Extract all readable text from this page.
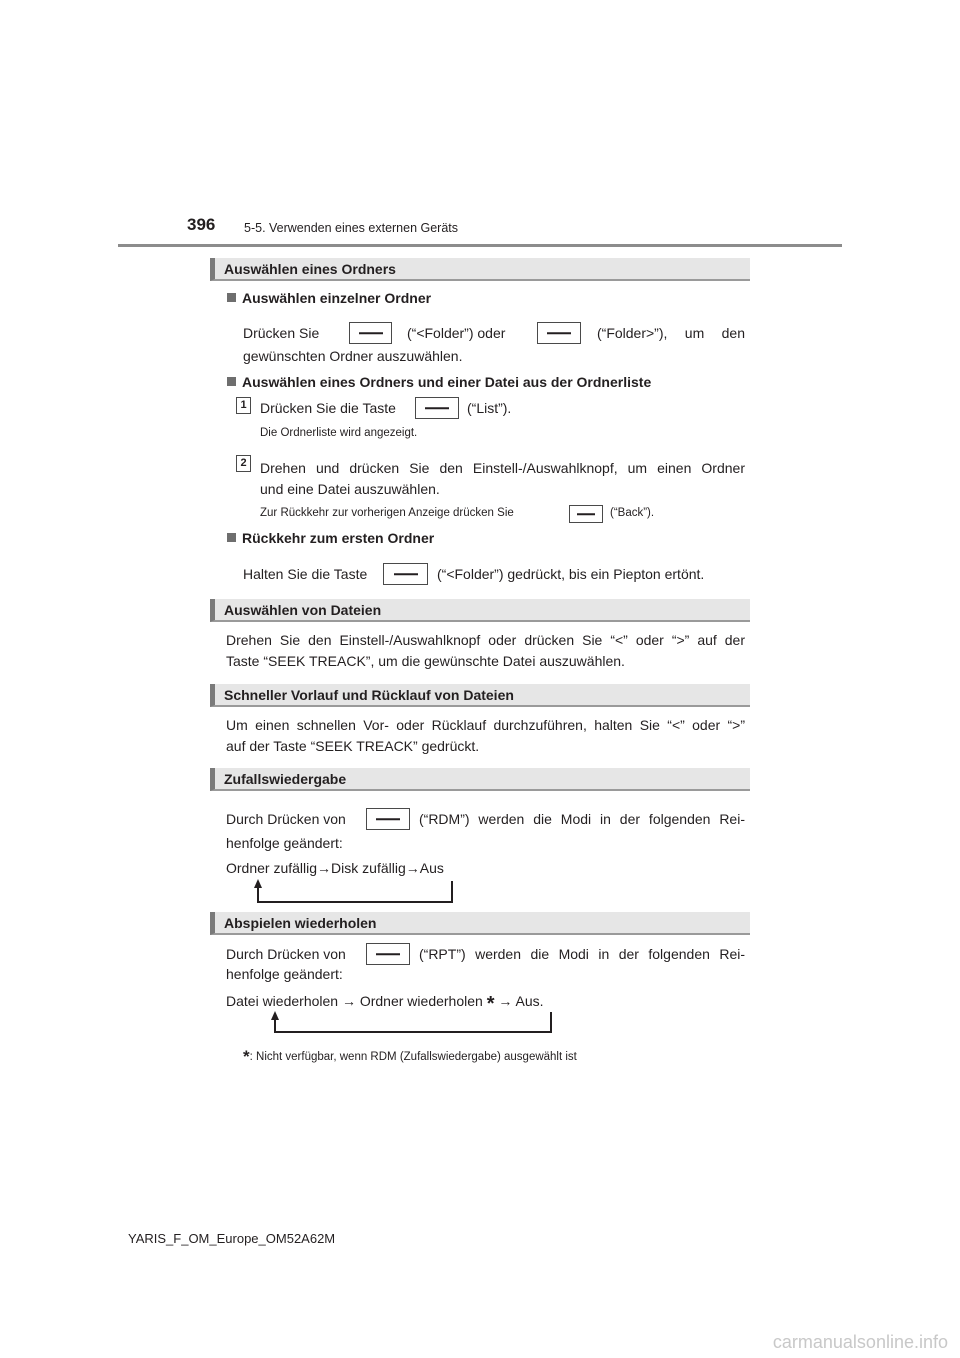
396 5-5. Verwenden eines externen Geräts
Auswählen eines Ordners
Auswählen einzelner Ordner
Drücken Sie	(“<Folder”) oder	(“Folder>”), um den
gewünschten Ordner auszuwählen.
Auswählen eines Ordners und einer Datei aus der Ordnerliste
1 Drücken Sie die Taste	(“List”).
Die Ordnerliste wird angezeigt.
2 Drehen und drücken Sie den Einstell-/Auswahlknopf, um einen Ordner
und eine Datei auszuwählen.
Zur Rückkehr zur vorherigen Anzeige drücken Sie	(“Back”).
Rückkehr zum ersten Ordner
Halten Sie die Taste	(“<Folder”) gedrückt, bis ein Piepton ertönt.
Auswählen von Dateien
Drehen Sie den Einstell-/Auswahlknopf oder drücken Sie “<” oder “>” auf der
Taste “SEEK TREACK”, um die gewünschte Datei auszuwählen.
Schneller Vorlauf und Rücklauf von Dateien
Um einen schnellen Vor- oder Rücklauf durchzuführen, halten Sie “<” oder “>”
auf der Taste “SEEK TREACK” gedrückt.
Zufallswiedergabe
Durch Drücken von	(“RDM”) werden die Modi in der folgenden Rei-
henfolge geändert:
Ordner zufällig→Disk zufällig→Aus
Abspielen wiederholen
Durch Drücken von	(“RPT”) werden die Modi in der folgenden Rei-
henfolge geändert:
Datei wiederholen → Ordner wiederholen * → Aus.
*: Nicht verfügbar, wenn RDM (Zufallswiedergabe) ausgewählt ist
YARIS_F_OM_Europe_OM52A62M
carmanualsonline.info
